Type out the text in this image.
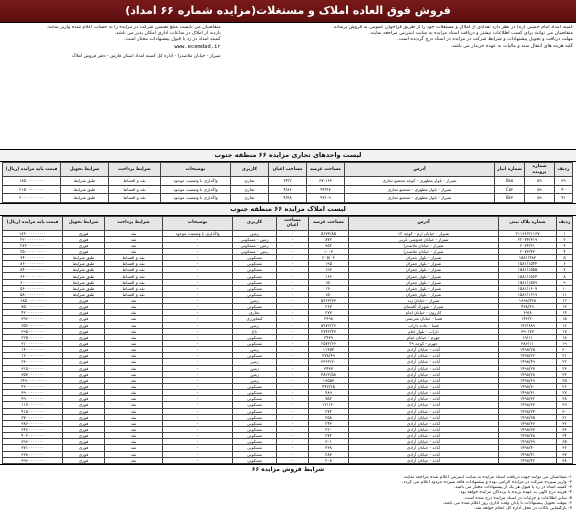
فروش فوق العاده املاک و مستغلات(مزایده شماره ۶۶ امداد)
کمیته امداد امام خمینی (ره) در نظر دارد تعدادی از املاک و مستغلات خود را از طریق فراخوان عمومی به فروش برساند.
متقاضیان می توانند برای کسب اطلاعات بیشتر و دریافت اسناد مزایده به سایت اینترنتی مراجعه نمایند.
مهلت دریافت و تحویل پیشنهادات و شرایط شرکت در مزایده در اسناد درج گردیده است.
کلیه هزینه های انتقال سند و مالیات به عهده خریدار می باشد.
متقاضیان می بایست مبلغ تضمین شرکت در مزایده را به حساب اعلام شده واریز نمایند.
بازدید از املاک در ساعات اداری امکان پذیر می باشد.
کمیته امداد در رد یا قبول پیشنهادات مختار است.
www.ecemdad.ir
شیراز - خیابان ملاصدرا - اداره کل کمیته امداد استان فارس - دفتر فروش املاک
لیست واحدهای تجاری مزایده ۶۶ منطقه جنوب
ردیف	شماره پرونده	شماره انبار	آدرس	مساحت عرصه	مساحت اعیان	کاربری	توضیحات	شرایط پرداخت	شرایط تحویل	قیمت پایه مزایده (ریال)
۳۹	۵۹	B۸۵	شیراز - بلوار مطهری - کوچه مجتمع تجاری	۳۷۰/۶۳	۳۴/۲	تجاری	واگذاری با وضعیت موجود	نقد و اقساط	طبق شرایط	۱۸۵۰۰۰۰۰۰۰۰
۴۰	۵۹	C۵۲	شیراز - بلوار مطهری - مجتمع تجاری	۴۴/۴۷	۴/۸۶	تجاری	واگذاری با وضعیت موجود	نقد و اقساط	طبق شرایط	۲۱۵۰۰۰۰۰۰۰۰
۴۱	۵۹	B۷۳	شیراز - بلوار مطهری - مجتمع تجاری	۴۳/۰۹	۴/۴۸	تجاری	واگذاری با وضعیت موجود	نقد و اقساط	طبق شرایط	۲۰۰۰۰۰۰۰۰۰۰
لیست املاک مزایده ۶۶ منطقه جنوب
ردیف	شماره پلاک ثبتی	آدرس	مساحت عرصه	مساحت اعیان	کاربری	توضیحات	شرایط پرداخت	شرایط تحویل	قیمت پایه مزایده (ریال)
۱	۲۱۱۶۶/۲۱۱۶۷	شیراز - خیابان ارم - کوچه ۱۲	۵۶۷۳/۸۵	-	زمین	واگذاری با وضعیت موجود	نقد	فوری	۱۸۳۰۰۰۰۰۰۰۰۰
۲	۲۲۰۴۴/۳۱۹	شیراز - خیابان قدوسی غربی	۸۷۲	-	زمین - مسکونی	-	نقد	فوری	۲۲۰۰۰۰۰۰۰۰۰
۳	۲۰۷۴/۳۱	شیراز - خیابان ملاصدرا	۹۵۲	-	زمین - مسکونی	-	نقد	فوری	۲۷۶۰۰۰۰۰۰۰۰
۴	۲۰۷۳/۴۳	شیراز - خیابان ملاصدرا	۱۰۰۳	-	زمین - مسکونی	-	نقد	فوری	۲۵۰۰۰۰۰۰۰۰۰
۵	۱۵۸۱/۴۸۳	شیراز - بلوار چمران	۲۰۵/۰۳	-	مسکونی	-	نقد و اقساط	طبق شرایط	۹۴۰۰۰۰۰۰۰۰۰
۶	۱۵۸۱/۱۵۴۴	شیراز - بلوار چمران	۱۹۵	-	مسکونی	-	نقد و اقساط	طبق شرایط	۸۶۰۰۰۰۰۰۰۰۰
۷	۱۵۸۱/۱۵۵۵	شیراز - بلوار چمران	۱۹۳	-	مسکونی	-	نقد و اقساط	طبق شرایط	۸۴۰۰۰۰۰۰۰۰۰
۸	۱۵۸۱/۱۵۶۴	شیراز - بلوار چمران	۱۶۶	-	مسکونی	-	نقد و اقساط	طبق شرایط	۶۶۰۰۰۰۰۰۰۰۰
۹	۱۵۸۱/۱۵۷۹	شیراز - بلوار چمران	۱۵۰	-	مسکونی	-	نقد و اقساط	طبق شرایط	۶۰۰۰۰۰۰۰۰۰۰
۱۰	۱۵۸۱/۱۶۰۷	شیراز - بلوار چمران	۱۴۰	-	مسکونی	-	نقد و اقساط	طبق شرایط	۵۶۰۰۰۰۰۰۰۰۰
۱۱	۱۵۸۱/۱۶۱۹	شیراز - بلوار چمران	۱۵۰	-	مسکونی	-	نقد و اقساط	طبق شرایط	۵۸۰۰۰۰۰۰۰۰۰
۱۲	۱۹۹۸/۴۲۸	شیراز - خیابان زند	۵۶۶۳/۳۳	-	زمین	-	نقد	فوری	۱۸۵۰۰۰۰۰۰۰۰
۱۳	۴۳۸/۴۹	شیراز - شهرک گلستان	۲۶۷	-	مسکونی	-	نقد	فوری	۷۵۰۰۰۰۰۰۰۰
۱۴	۳۹/۸	کازرون - خیابان امام	۲۷۷	-	تجاری	-	نقد	فوری	۴۲۰۰۰۰۰۰۰۰
۱۵	۱۴۶/۲۰	فسا - خیابان شریعتی	۲۴۹۸	-	کشاورزی	-	نقد	فوری	۳۹۶۰۰۰۰۰۰۰
۱۶	۱۴۶/۶۸۹	فسا - جاده داراب	۵۹۷۶/۲۶	-	زمین	-	نقد	فوری	۳۵۶۰۰۰۰۰۰۰
۱۷	۳۹۰/۷۷	داراب - بلوار امام	۲۷۴۲/۴۳	-	باغ	-	نقد	فوری	۲۹۵۰۰۰۰۰۰۰
۱۸	۱۹/۱۱	جهرم - خیابان خیام	۲۴۷۹	-	مسکونی	-	نقد	فوری	۲۲۵۰۰۰۰۰۰۰
۱۹	۳۸۶/۱۱	جهرم - کوچه ۲۹	۲۵۷۲/۶۶	-	مسکونی	-	نقد	فوری	۳۱۰۰۰۰۰۰۰۰
۲۰	۱۴۹۸/۲۵	آباده - خیابان آزادی	۱۱۴۵۴	-	زمین	-	نقد	فوری	۱۴۰۰۰۰۰۰۰۰
۲۱	۱۴۹۸/۲۶	آباده - خیابان آزادی	۲۷۸/۴۹	-	مسکونی	-	نقد	فوری	۱۲۰۰۰۰۰۰۰۰
۲۲	۱۴۹۸/۴۹	آباده - خیابان آزادی	۳۳۶۲/۶۰	-	زمین	-	نقد	فوری	۲۳۰۰۰۰۰۰۰۰
۲۳	۱۴۹۸/۲۷	آباده - خیابان آزادی	۳۴۳۷	-	زمین	-	نقد	فوری	۳۱۵۰۰۰۰۰۰۰
۲۴	۱۴۹۸/۲۸	آباده - خیابان آزادی	۴۸۲۲/۵۸	-	زمین	-	نقد	فوری	۳۵۷۰۰۰۰۰۰۰
۲۵	۱۴۹۸/۲۹	آباده - خیابان آزادی	۱۶۵۵۳	-	زمین	-	نقد	فوری	۱۴۹۰۰۰۰۰۰۰۰
۲۶	۱۴۹۸/۳۰	آباده - خیابان آزادی	۴۴۶/۲۵	-	مسکونی	-	نقد	فوری	۴۶۰۰۰۰۰۰۰۰
۲۷	۱۴۹۸/۳۱	آباده - خیابان آزادی	۴۸۹	-	مسکونی	-	نقد	فوری	۳۹۰۰۰۰۰۰۰۰
۲۸	۱۴۹۸/۳۲	آباده - خیابان آزادی	۷۵۲	-	مسکونی	-	نقد	فوری	۴۹۰۰۰۰۰۰۰۰
۲۹	۱۴۹۸/۳۳	آباده - خیابان آزادی	۱۲۱/۶۰	-	مسکونی	-	نقد	فوری	۱۱۷۰۰۰۰۰۰۰
۳۰	۱۴۹۸/۳۴	آباده - خیابان آزادی	۲۷۴	-	مسکونی	-	نقد	فوری	۴۱۵۰۰۰۰۰۰۰
۳۱	۱۴۹۸/۳۵	آباده - خیابان آزادی	۲۵۸	-	مسکونی	-	نقد	فوری	۳۷۰۰۰۰۰۰۰۰
۳۲	۱۴۹۸/۳۶	آباده - خیابان آزادی	۲۴۳	-	مسکونی	-	نقد	فوری	۳۸۶۰۰۰۰۰۰۰
۳۳	۱۴۹۸/۳۷	آباده - خیابان آزادی	۲۲۰	-	مسکونی	-	نقد	فوری	۳۴۶۰۰۰۰۰۰۰
۳۴	۱۴۹۸/۳۸	آباده - خیابان آزادی	۲۷۴	-	مسکونی	-	نقد	فوری	۴۰۲۰۰۰۰۰۰۰
۳۵	۱۴۹۸/۳۹	آباده - خیابان آزادی	۳۰۱	-	مسکونی	-	نقد	فوری	۳۹۶۰۰۰۰۰۰۰
۳۶	۱۴۹۸/۴۰	آباده - خیابان آزادی	۲۳۸	-	مسکونی	-	نقد	فوری	۳۷۱۰۰۰۰۰۰۰
۳۷	۱۴۹۸/۴۱	آباده - خیابان آزادی	۲۸۷	-	مسکونی	-	نقد	فوری	۳۶۸۰۰۰۰۰۰۰
۳۸	۱۴۹۸/۴۲	آباده - خیابان آزادی	۲۰۸	-	مسکونی	-	نقد	فوری	۳۹۶۰۰۰۰۰۰۰
شرایط فروش مزایده ۶۶
۱- متقاضیان می توانند جهت دریافت اسناد مزایده به سایت اینترنتی اعلام شده مراجعه نمایند.
۲- واریز سپرده شرکت در مزایده الزامی بوده و پیشنهادات فاقد سپرده مردود اعلام می گردد.
۳- کمیته امداد در رد یا قبول هر یک از پیشنهادات مختار می باشد.
۴- هزینه درج آگهی به عهده برنده یا برندگان مزایده خواهد بود.
۵- سایر اطلاعات و جزئیات در اسناد مزایده درج شده است.
۶- مهلت تحویل پیشنهادات تا پایان وقت اداری روز اعلام شده می باشد.
۷- بازگشایی پاکات در محل اداره کل انجام خواهد شد.
